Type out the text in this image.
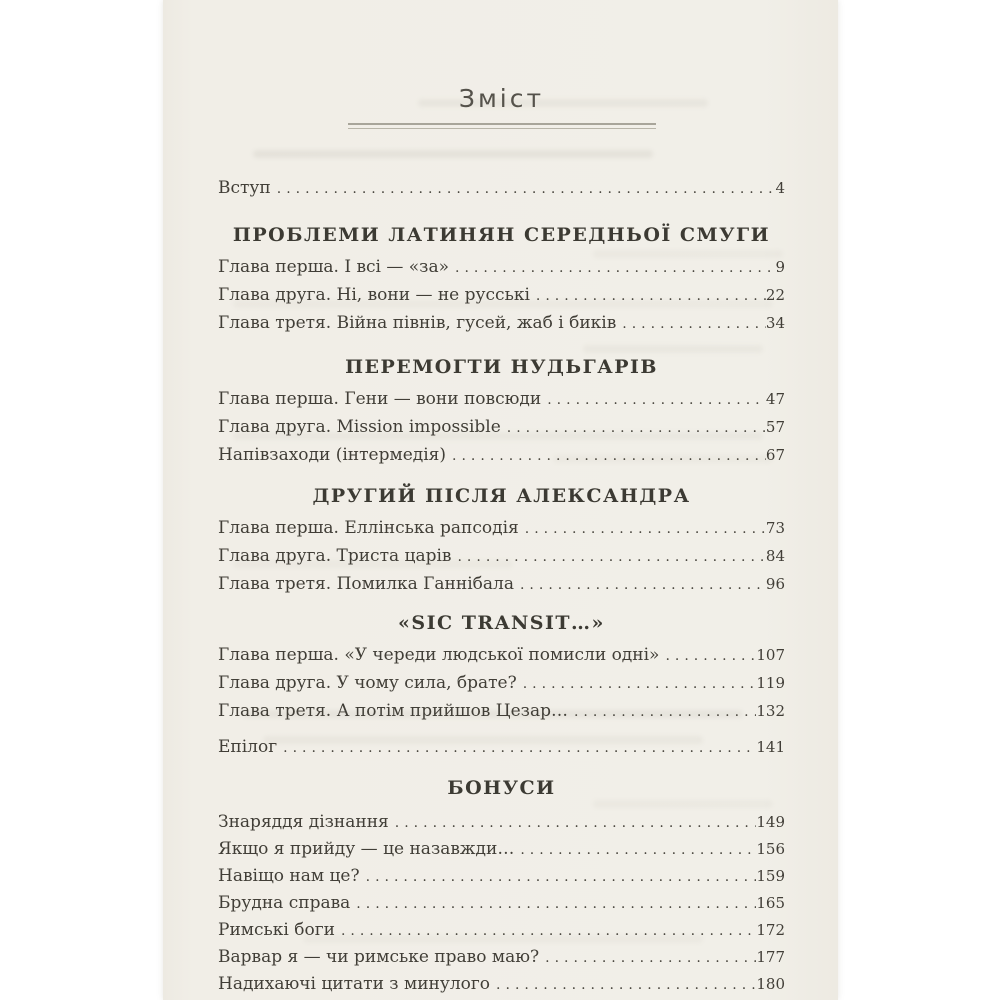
Зміст
Вступ .....	4
ПРОБЛЕМИ ЛАТИНЯН СЕРЕДНЬОЇ СМУГИ
Глава перша. І всі — «за» .....	9
Глава друга. Ні, вони — не русські .....	22
Глава третя. Війна півнів, гусей, жаб і биків .....	34
ПЕРЕМОГТИ НУДЬГАРІВ
Глава перша. Гени — вони повсюди .....	47
Глава друга. Mission impossible .....	57
Напівзаходи (інтермедія) .....	67
ДРУГИЙ ПІСЛЯ АЛЕКСАНДРА
Глава перша. Еллінська рапсодія .....	73
Глава друга. Триста царів .....	84
Глава третя. Помилка Ганнібала .....	96
«SIC TRANSIT…»
Глава перша. «У череди людської помисли одні» .....	107
Глава друга. У чому сила, брате? .....	119
Глава третя. А потім прийшов Цезар… .....	132
Епілог .....	141
БОНУСИ
Знаряддя дізнання .....	149
Якщо я прийду — це назавжди… .....	156
Навіщо нам це? .....	159
Брудна справа .....	165
Римські боги .....	172
Варвар я — чи римське право маю? .....	177
Надихаючі цитати з минулого .....	180
